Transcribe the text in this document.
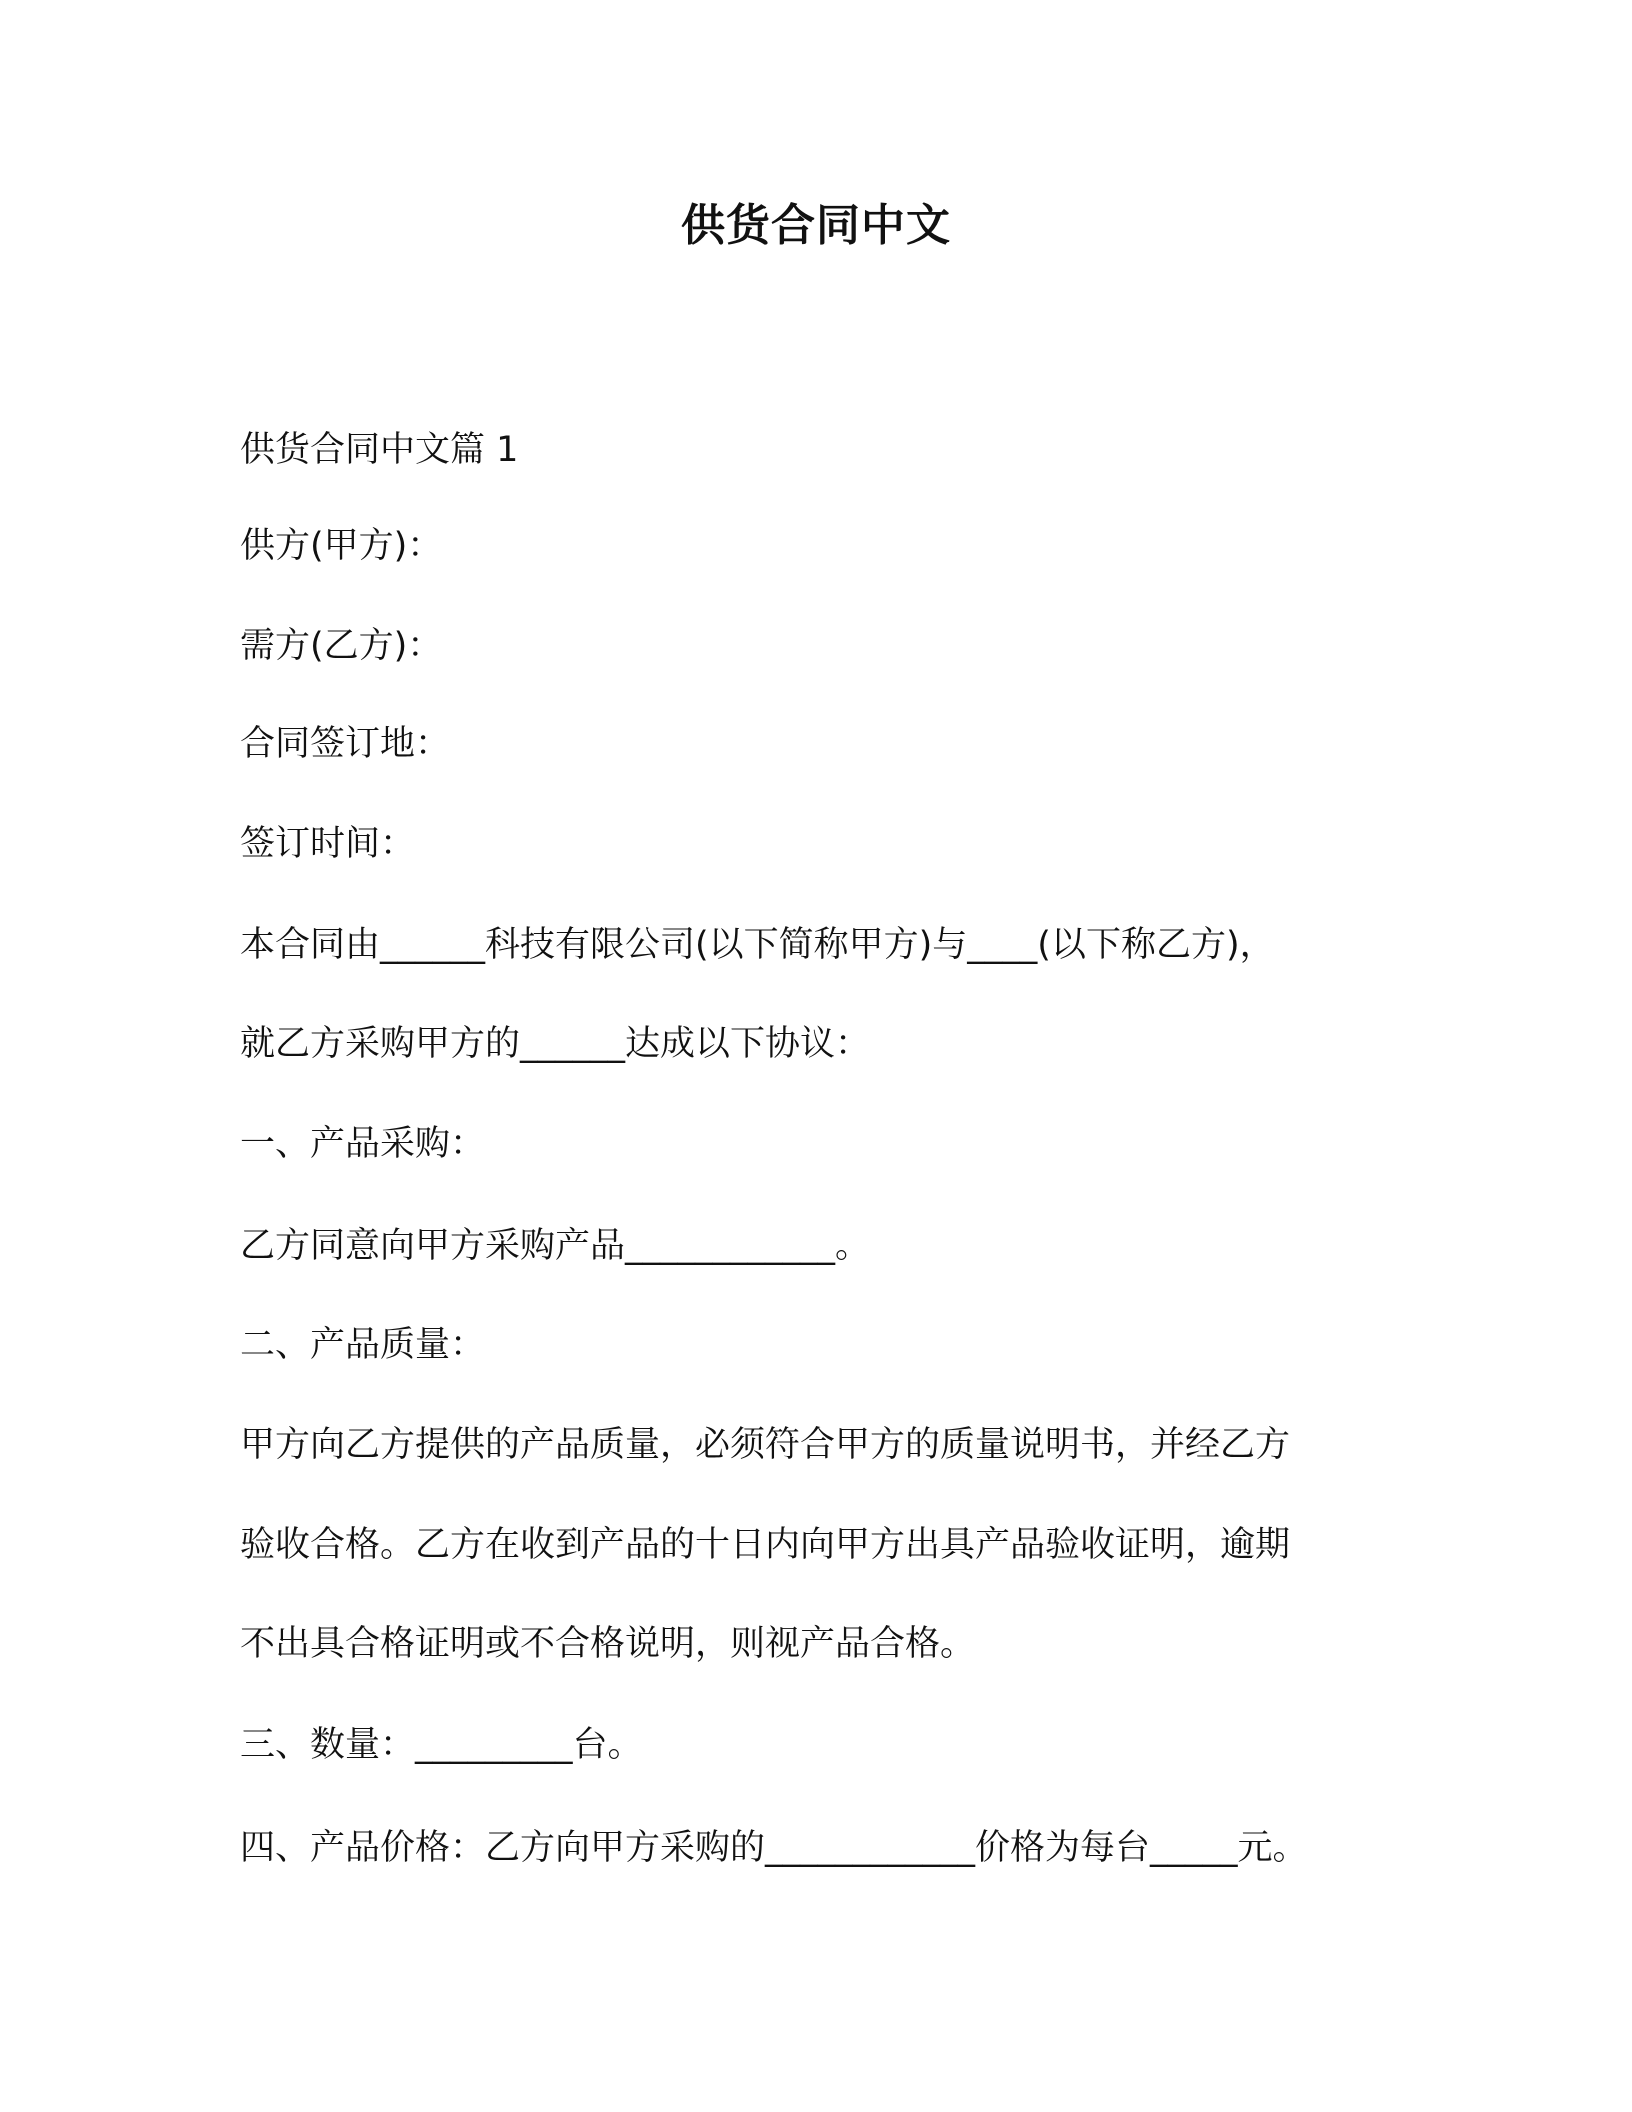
供货合同中文
供货合同中文篇 1
供方(甲方)：
需方(乙方)：
合同签订地：
签订时间：
本合同由______科技有限公司(以下简称甲方)与____(以下称乙方)，
就乙方采购甲方的______达成以下协议：
一、产品采购：
乙方同意向甲方采购产品____________。
二、产品质量：
甲方向乙方提供的产品质量，必须符合甲方的质量说明书，并经乙方
验收合格。乙方在收到产品的十日内向甲方出具产品验收证明，逾期
不出具合格证明或不合格说明，则视产品合格。
三、数量：_________台。
四、产品价格：乙方向甲方采购的____________价格为每台_____元。
